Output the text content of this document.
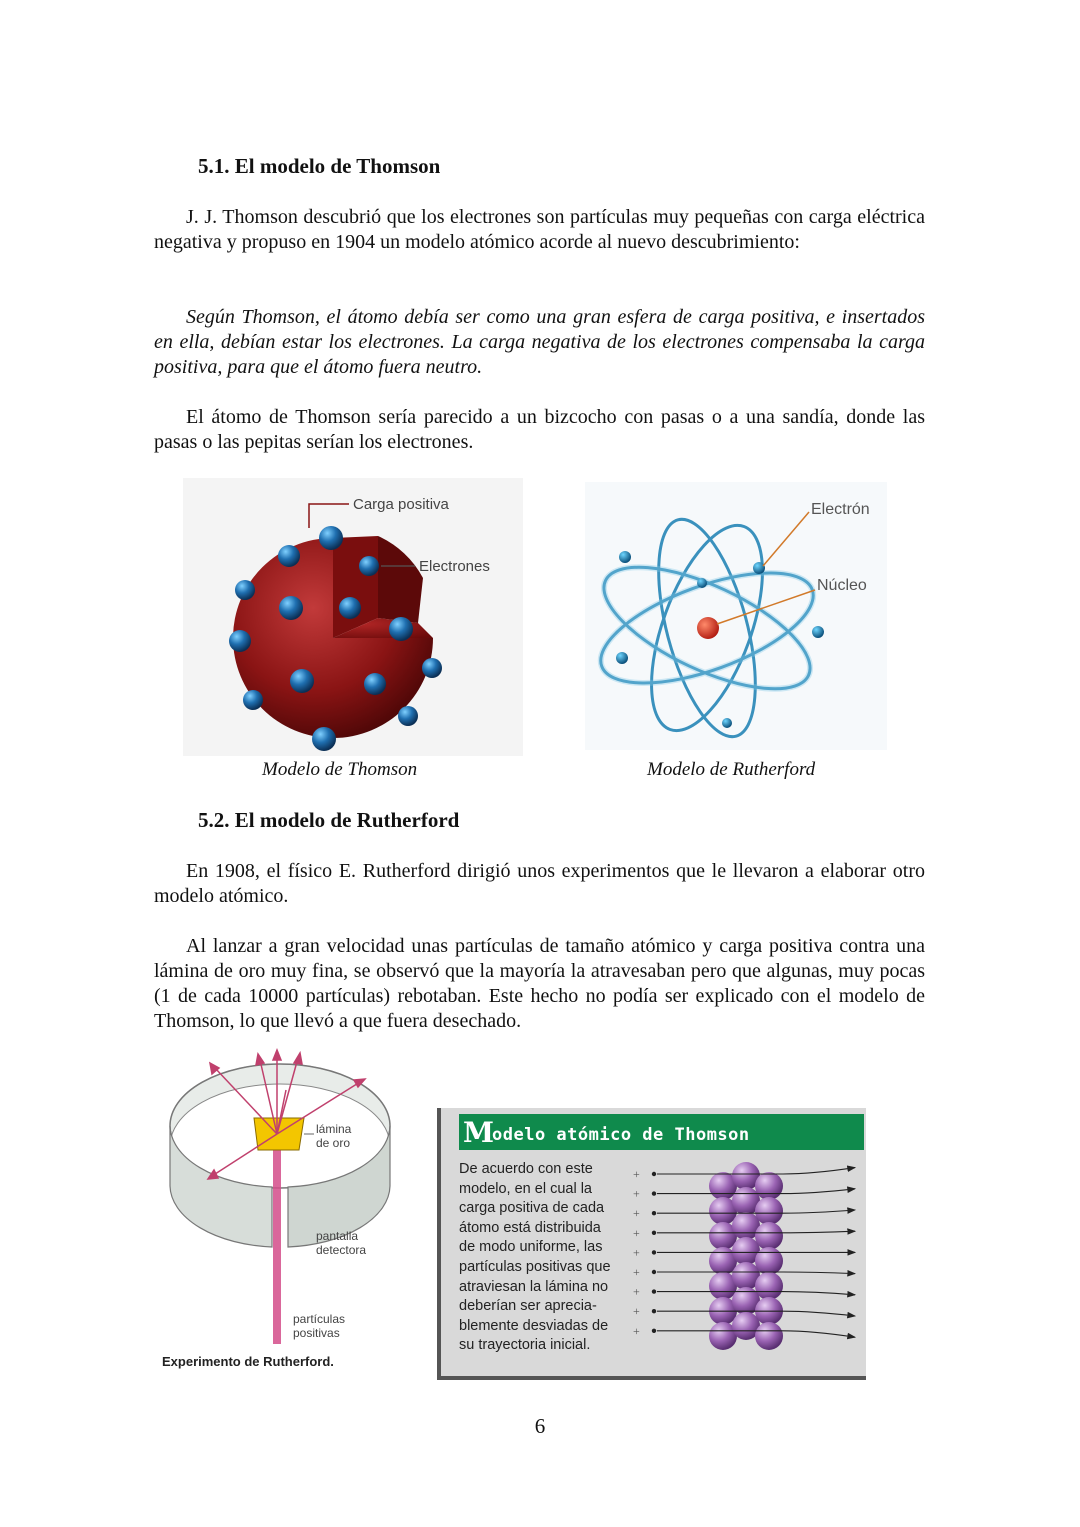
5.1. El modelo de Thomson

J. J. Thomson descubrió que los electrones son partículas muy pequeñas con carga eléctrica negativa y propuso en 1904 un modelo atómico acorde al nuevo descubrimiento:

Según Thomson, el átomo debía ser como una gran esfera de carga positiva, e insertados en ella, debían estar los electrones. La carga negativa de los electrones compensaba la carga positiva, para que el átomo fuera neutro.

El átomo de Thomson sería parecido a un bizcocho con pasas o a una sandía, donde las pasas o las pepitas serían los electrones.

Carga positiva
Electrones

Modelo de Thomson

Electrón
Núcleo

Modelo de Rutherford

5.2. El modelo de Rutherford

En 1908, el físico E. Rutherford dirigió unos experimentos que le llevaron a elaborar otro modelo atómico.

Al lanzar a gran velocidad unas partículas de tamaño atómico y carga positiva contra una lámina de oro muy fina, se observó que la mayoría la atravesaban pero que algunas, muy pocas (1 de cada 10000 partículas) rebotaban. Este hecho no podía ser explicado con el modelo de Thomson, lo que llevó a que fuera desechado.

lámina
de oro
pantalla
detectora
partículas
positivas
Experimento de Rutherford.
M
odelo atómico de Thomson

De acuerdo con este

modelo, en el cual la

carga positiva de cada

átomo está distribuida

de modo uniforme, las

partículas positivas que

atraviesan la lámina no

deberían ser aprecia-

blemente desviadas de

su trayectoria inicial.

+
+
+
+
+
+
+
+
+
6
